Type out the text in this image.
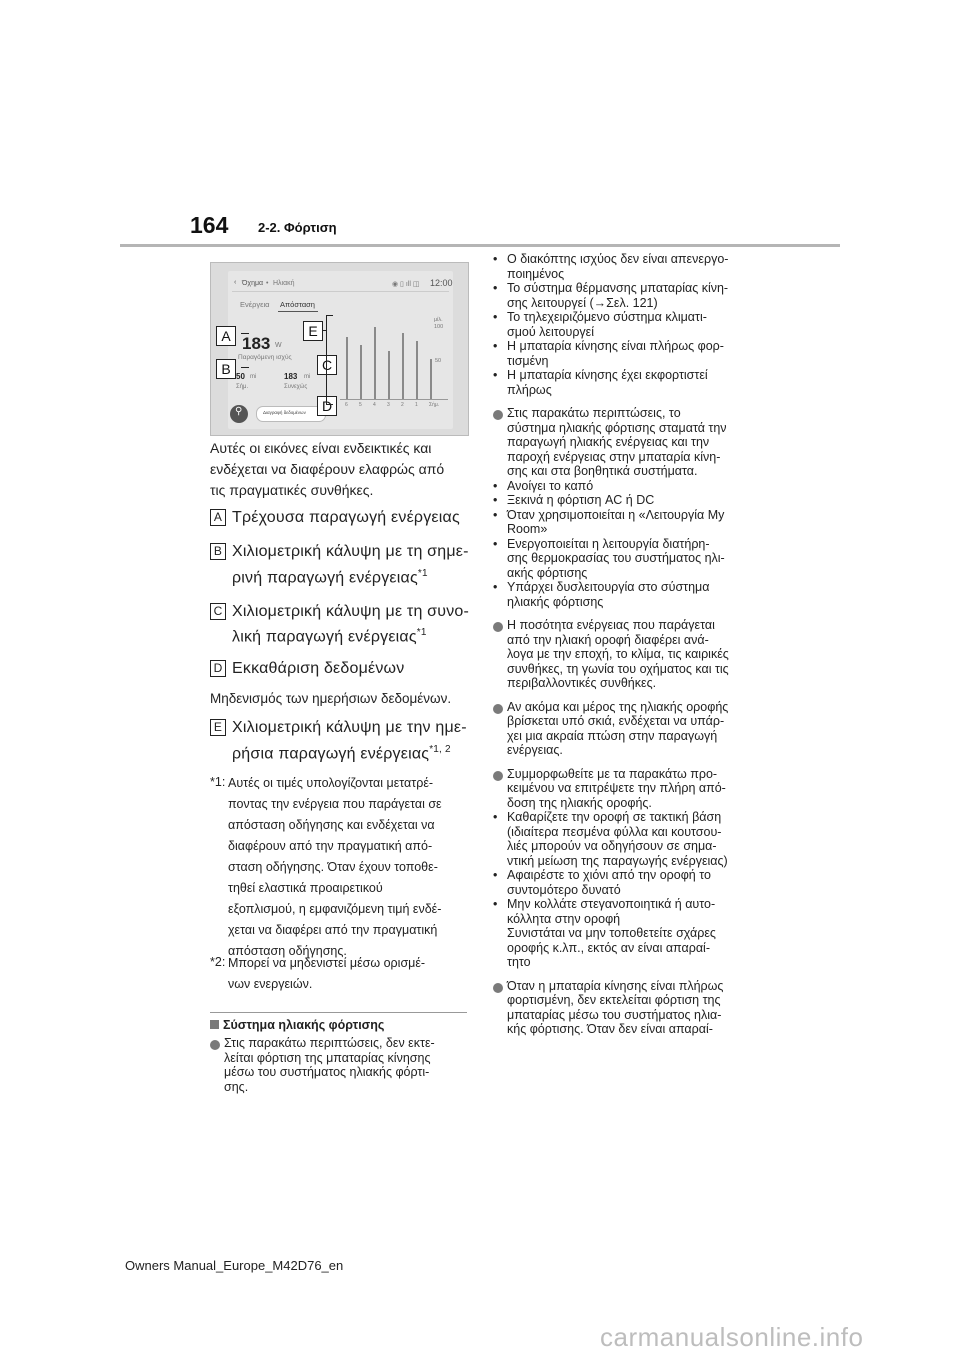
164 2-2. Φόρτιση
‹ Όχημα • Ηλιακή	◉ ▯ ıll ◫ 12:00
Ενέργεια Απόσταση
183 W
Παραγόμενη ισχύς
50 mi
Σήμ.
183 mi
Συνεχώς
⚲	Διαγραφή δεδομένων
μίλ.
100
50
6 5 4 3 2 1 Σήμ.
A
B
E
C
D
Αυτές οι εικόνες είναι ενδεικτικές και
ενδέχεται να διαφέρουν ελαφρώς από
τις πραγματικές συνθήκες.
A Τρέχουσα παραγωγή ενέργειας
B Χιλιομετρική κάλυψη με τη σημε-
ρινή παραγωγή ενέργειας$^{*1}$
C Χιλιομετρική κάλυψη με τη συνο-
λική παραγωγή ενέργειας$^{*1}$
D Εκκαθάριση δεδομένων
Μηδενισμός των ημερήσιων δεδομένων.
E Χιλιομετρική κάλυψη με την ημε-
ρήσια παραγωγή ενέργειας$^{*1, 2}$
*1: Αυτές οι τιμές υπολογίζονται μετατρέ-
ποντας την ενέργεια που παράγεται σε
απόσταση οδήγησης και ενδέχεται να
διαφέρουν από την πραγματική από-
σταση οδήγησης. Όταν έχουν τοποθε-
τηθεί ελαστικά προαιρετικού
εξοπλισμού, η εμφανιζόμενη τιμή ενδέ-
χεται να διαφέρει από την πραγματική
απόσταση οδήγησης.
*2: Μπορεί να μηδενιστεί μέσω ορισμέ-
νων ενεργειών.
Σύστημα ηλιακής φόρτισης
Στις παρακάτω περιπτώσεις, δεν εκτε-
λείται φόρτιση της μπαταρίας κίνησης
μέσω του συστήματος ηλιακής φόρτι-
σης.
• Ο διακόπτης ισχύος δεν είναι απενεργο-
ποιημένος
• Το σύστημα θέρμανσης μπαταρίας κίνη-
σης λειτουργεί (→Σελ. 121)
• Το τηλεχειριζόμενο σύστημα κλιματι-
σμού λειτουργεί
• Η μπαταρία κίνησης είναι πλήρως φορ-
τισμένη
• Η μπαταρία κίνησης έχει εκφορτιστεί
πλήρως
Στις παρακάτω περιπτώσεις, το
σύστημα ηλιακής φόρτισης σταματά την
παραγωγή ηλιακής ενέργειας και την
παροχή ενέργειας στην μπαταρία κίνη-
σης και στα βοηθητικά συστήματα.
• Ανοίγει το καπό
• Ξεκινά η φόρτιση AC ή DC
• Όταν χρησιμοποιείται η «Λειτουργία My
Room»
• Ενεργοποιείται η λειτουργία διατήρη-
σης θερμοκρασίας του συστήματος ηλι-
ακής φόρτισης
• Υπάρχει δυσλειτουργία στο σύστημα
ηλιακής φόρτισης
Η ποσότητα ενέργειας που παράγεται
από την ηλιακή οροφή διαφέρει ανά-
λογα με την εποχή, το κλίμα, τις καιρικές
συνθήκες, τη γωνία του οχήματος και τις
περιβαλλοντικές συνθήκες.
Αν ακόμα και μέρος της ηλιακής οροφής
βρίσκεται υπό σκιά, ενδέχεται να υπάρ-
χει μια ακραία πτώση στην παραγωγή
ενέργειας.
Συμμορφωθείτε με τα παρακάτω προ-
κειμένου να επιτρέψετε την πλήρη από-
δοση της ηλιακής οροφής.
• Καθαρίζετε την οροφή σε τακτική βάση
(ιδιαίτερα πεσμένα φύλλα και κουτσου-
λιές μπορούν να οδηγήσουν σε σημα-
ντική μείωση της παραγωγής ενέργειας)
• Αφαιρέστε το χιόνι από την οροφή το
συντομότερο δυνατό
• Μην κολλάτε στεγανοποιητικά ή αυτο-
κόλλητα στην οροφή
Συνιστάται να μην τοποθετείτε σχάρες
οροφής κ.λπ., εκτός αν είναι απαραί-
τητο
Όταν η μπαταρία κίνησης είναι πλήρως
φορτισμένη, δεν εκτελείται φόρτιση της
μπαταρίας μέσω του συστήματος ηλια-
κής φόρτισης. Όταν δεν είναι απαραί-
Owners Manual_Europe_M42D76_en
carmanualsonline.info
